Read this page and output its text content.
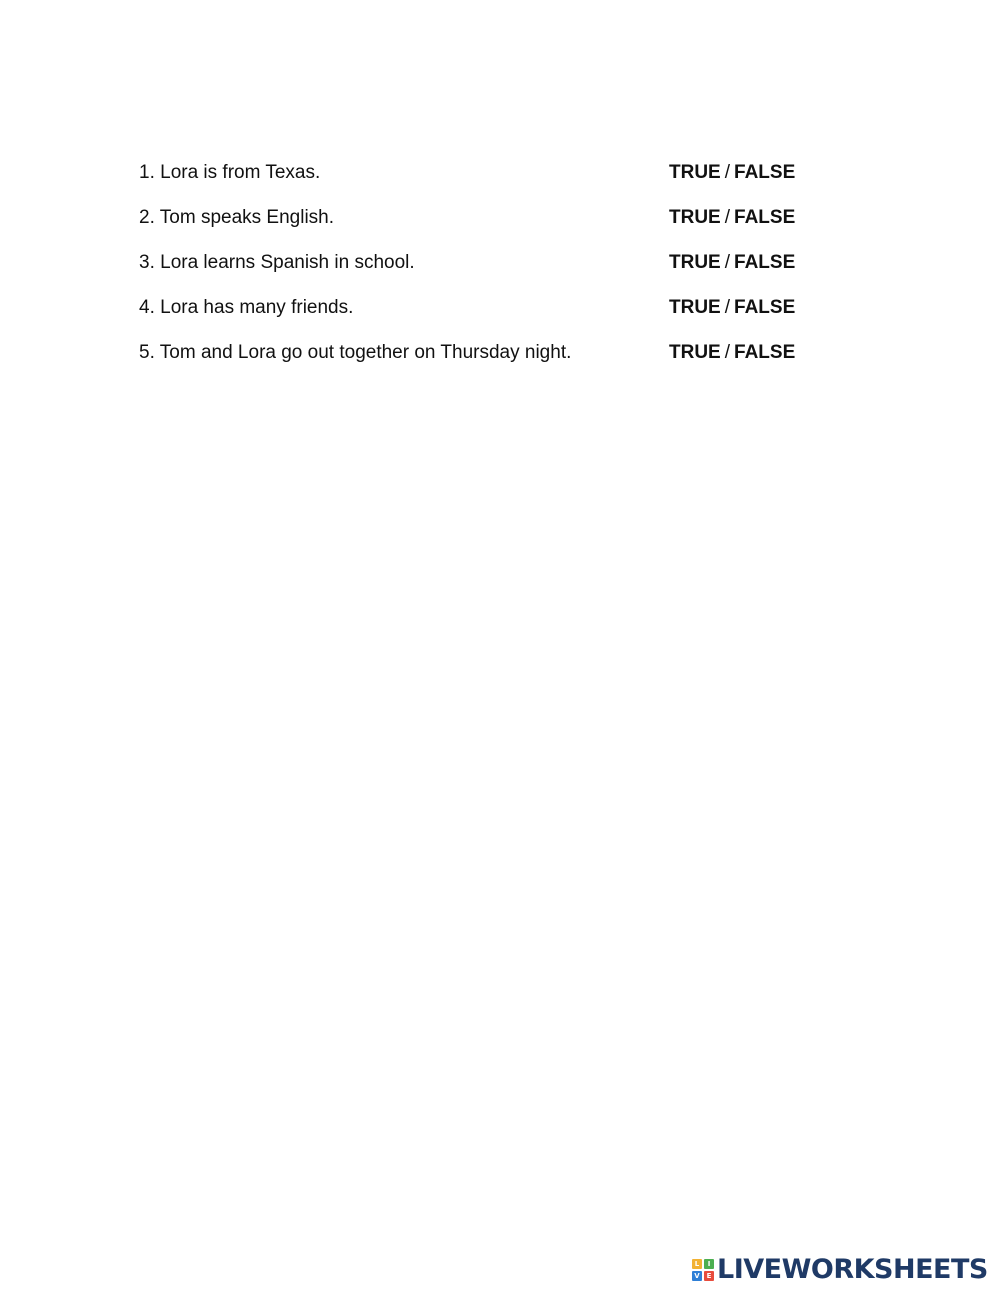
1. Lora is from Texas.	TRUE / FALSE
2. Tom speaks English.	TRUE / FALSE
3. Lora learns Spanish in school.	TRUE / FALSE
4. Lora has many friends.	TRUE / FALSE
5. Tom and Lora go out together on Thursday night.	TRUE / FALSE
L	I
V E LIVEWORKSHEETS
